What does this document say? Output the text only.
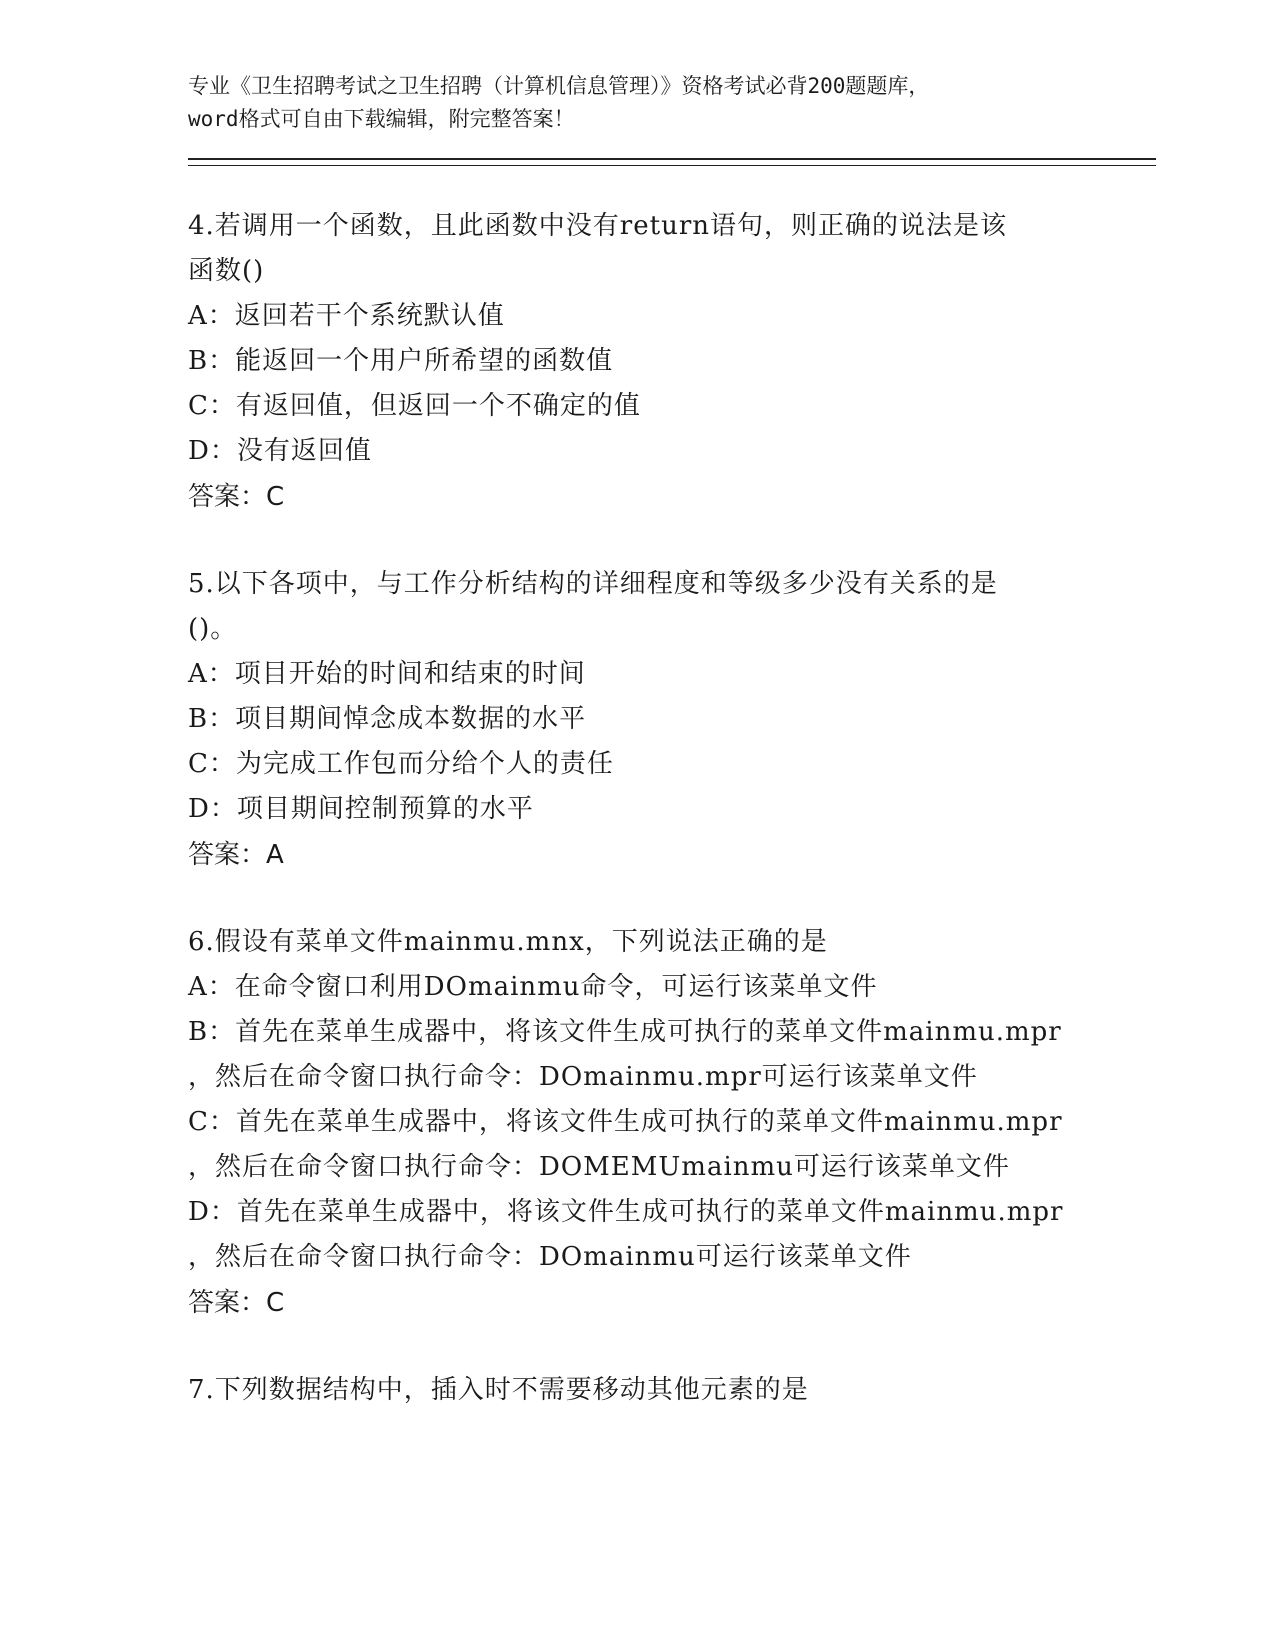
专业《卫生招聘考试之卫生招聘（计算机信息管理）》资格考试必背200题题库，

word格式可自由下载编辑，附完整答案！

4.若调用一个函数，且此函数中没有return语句，则正确的说法是该

函数()

A：返回若干个系统默认值

B：能返回一个用户所希望的函数值

C：有返回值，但返回一个不确定的值

D：没有返回值

答案：C

5.以下各项中，与工作分析结构的详细程度和等级多少没有关系的是

()。

A：项目开始的时间和结束的时间

B：项目期间悼念成本数据的水平

C：为完成工作包而分给个人的责任

D：项目期间控制预算的水平

答案：A

6.假设有菜单文件mainmu.mnx，下列说法正确的是

A：在命令窗口利用DOmainmu命令，可运行该菜单文件

B：首先在菜单生成器中，将该文件生成可执行的菜单文件mainmu.mpr

，然后在命令窗口执行命令：DOmainmu.mpr可运行该菜单文件

C：首先在菜单生成器中，将该文件生成可执行的菜单文件mainmu.mpr

，然后在命令窗口执行命令：DOMEMUmainmu可运行该菜单文件

D：首先在菜单生成器中，将该文件生成可执行的菜单文件mainmu.mpr

，然后在命令窗口执行命令：DOmainmu可运行该菜单文件

答案：C

7.下列数据结构中，插入时不需要移动其他元素的是
